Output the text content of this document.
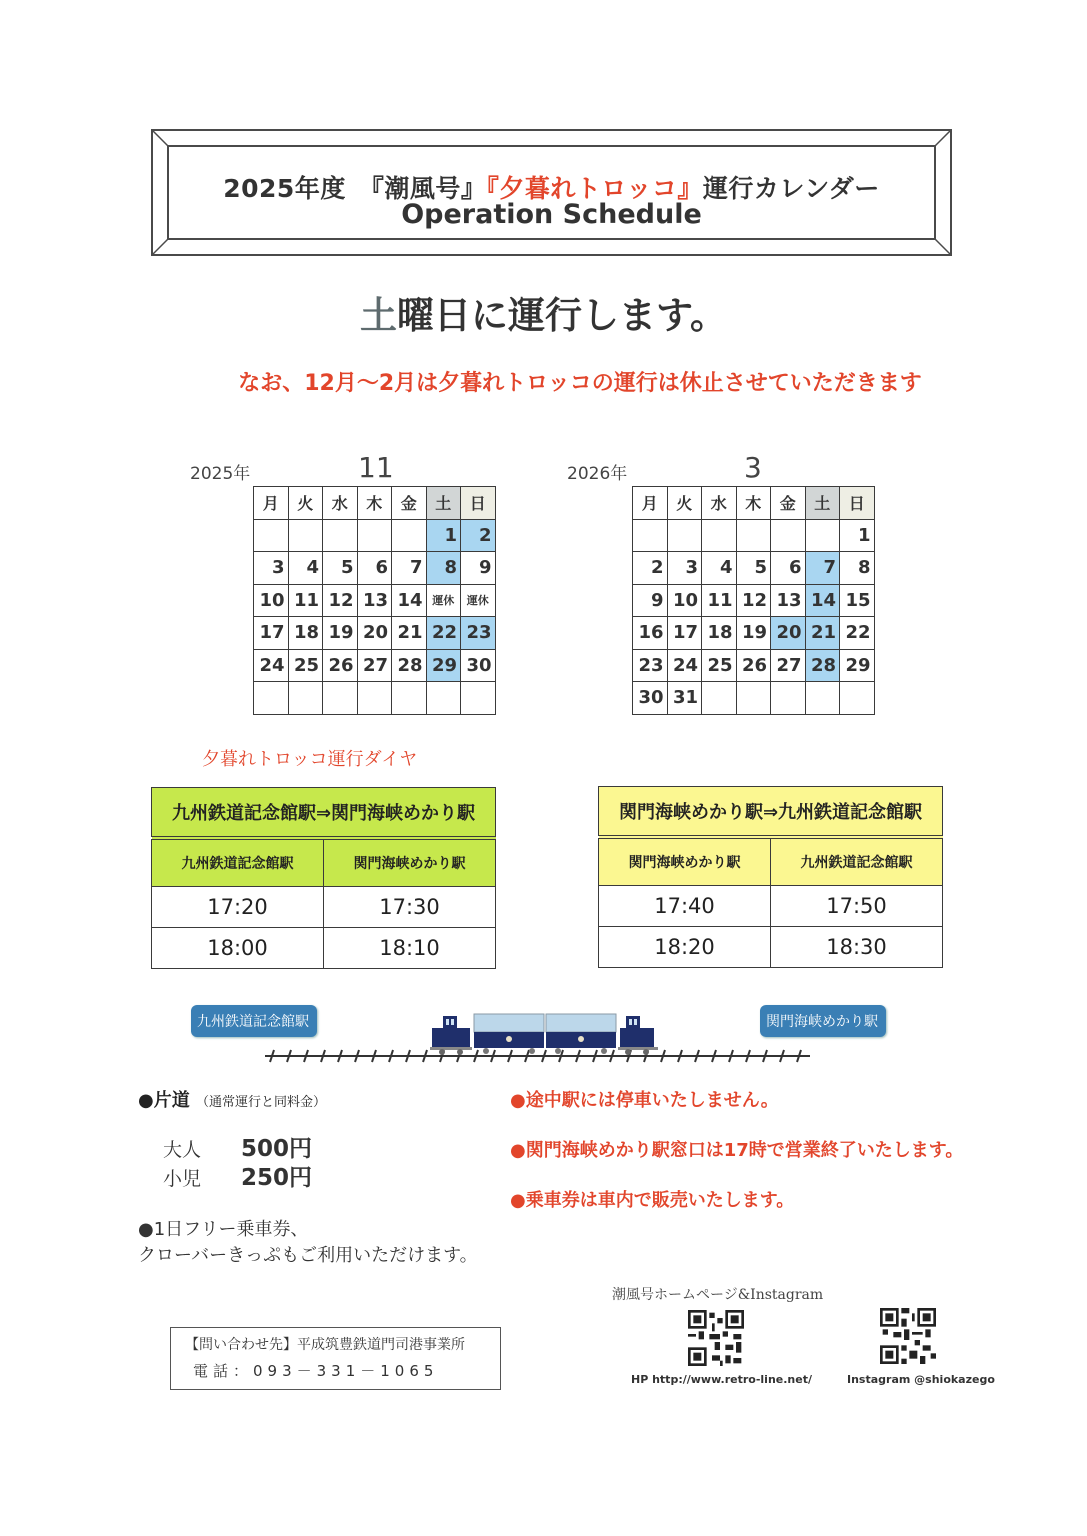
2025年度　『潮風号』『夕暮れトロッコ』運行カレンダー
Operation Schedule
土曜日に運行します。
なお、12月～2月は夕暮れトロッコの運行は休止させていただきます
2025年	11
月	火	水	木	金	土	日
					1	2
3	4	5	6	7	8	9
10	11	12	13	14	運休	運休
17	18	19	20	21	22	23
24	25	26	27	28	29	30

2026年	3
月	火	水	木	金	土	日
						1
2	3	4	5	6	7	8
9	10	11	12	13	14	15
16	17	18	19	20	21	22
23	24	25	26	27	28	29
30	31					
夕暮れトロッコ運行ダイヤ
九州鉄道記念館駅⇒関門海峡めかり駅	
九州鉄道記念館駅	関門海峡めかり駅
17:20	17:30
18:00	18:10
関門海峡めかり駅⇒九州鉄道記念館駅	
関門海峡めかり駅	九州鉄道記念館駅
17:40	17:50
18:20	18:30
九州鉄道記念館駅	関門海峡めかり駅
●片道 （通常運行と同料金）
大人 500円
小児 250円
●1日フリー乗車券、
クローバーきっぷもご利用いただけます。
●途中駅には停車いたしません。
●関門海峡めかり駅窓口は17時で営業終了いたします。
●乗車券は車内で販売いたします。
【問い合わせ先】平成筑豊鉄道門司港事業所
電話：093－331－1065
潮風号ホームページ&Instagram
HP http://www.retro-line.net/	Instagram @shiokazego
